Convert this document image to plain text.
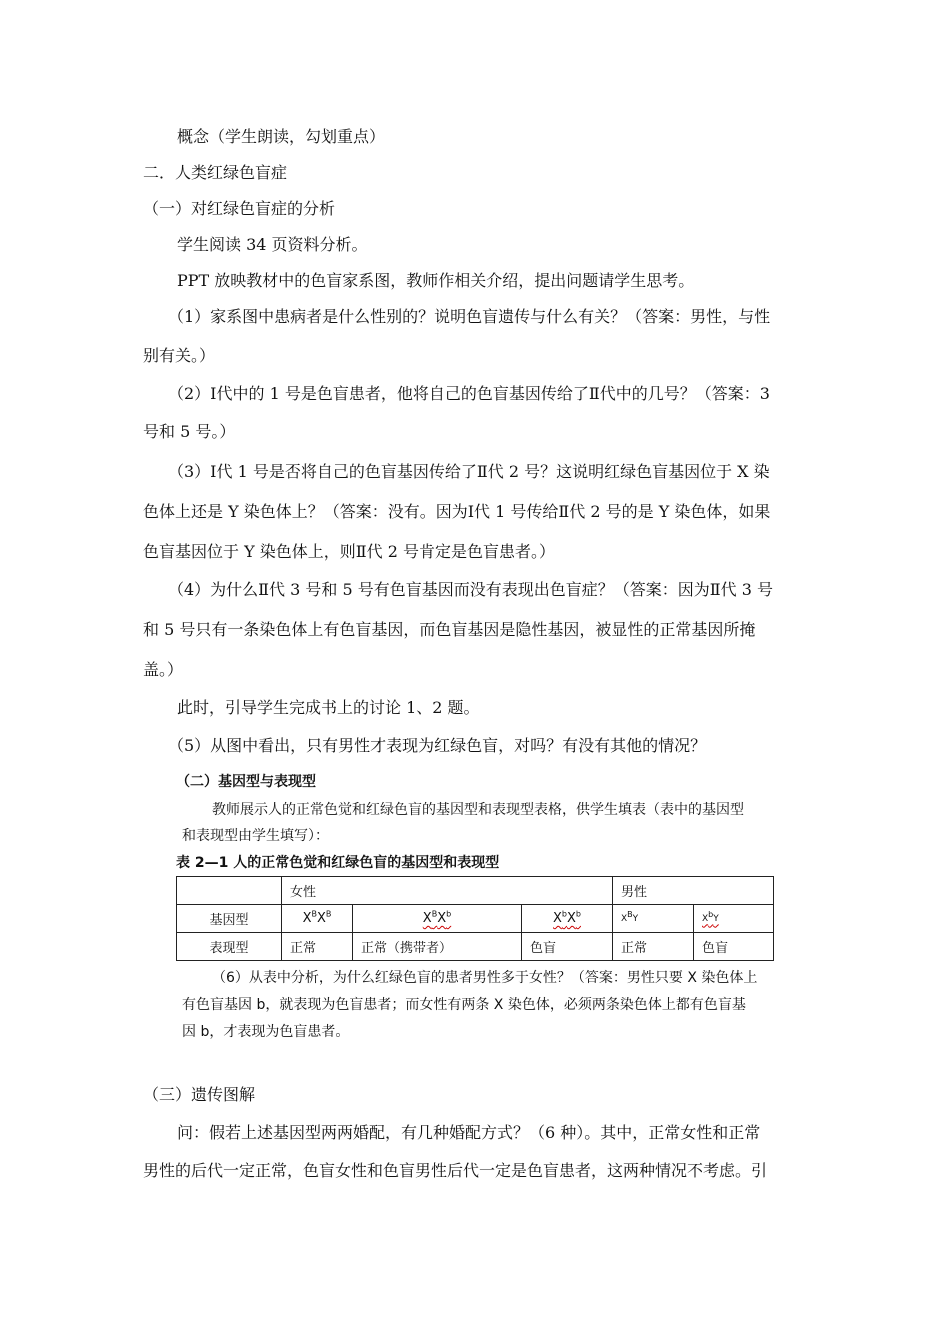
概念（学生朗读，勾划重点）
二．人类红绿色盲症
（一）对红绿色盲症的分析
学生阅读 34 页资料分析。
PPT 放映教材中的色盲家系图，教师作相关介绍，提出问题请学生思考。
（1）家系图中患病者是什么性别的？说明色盲遗传与什么有关？（答案：男性，与性
别有关。）
（2）Ⅰ代中的 1 号是色盲患者，他将自己的色盲基因传给了Ⅱ代中的几号？（答案：3
号和 5 号。）
（3）Ⅰ代 1 号是否将自己的色盲基因传给了Ⅱ代 2 号？这说明红绿色盲基因位于 X 染
色体上还是 Y 染色体上？（答案：没有。因为Ⅰ代 1 号传给Ⅱ代 2 号的是 Y 染色体，如果
色盲基因位于 Y 染色体上，则Ⅱ代 2 号肯定是色盲患者。）
（4）为什么Ⅱ代 3 号和 5 号有色盲基因而没有表现出色盲症？（答案：因为Ⅱ代 3 号
和 5 号只有一条染色体上有色盲基因，而色盲基因是隐性基因，被显性的正常基因所掩
盖。）
此时，引导学生完成书上的讨论 1、2 题。
（5）从图中看出，只有男性才表现为红绿色盲，对吗？有没有其他的情况？
（二）基因型与表现型
教师展示人的正常色觉和红绿色盲的基因型和表现型表格，供学生填表（表中的基因型
和表现型由学生填写）：
表 2—1 人的正常色觉和红绿色盲的基因型和表现型
	女性			男性	
基因型	$X^BX^B$	$X^BX^b$	$X^bX^b$	$X^BY$	$X^bY$
表现型	正常	正常（携带者）	色盲	正常	色盲
（6）从表中分析，为什么红绿色盲的患者男性多于女性？（答案：男性只要 X 染色体上
有色盲基因 b，就表现为色盲患者；而女性有两条 X 染色体，必须两条染色体上都有色盲基
因 b，才表现为色盲患者。
（三）遗传图解
问：假若上述基因型两两婚配，有几种婚配方式？（6 种）。其中，正常女性和正常
男性的后代一定正常，色盲女性和色盲男性后代一定是色盲患者，这两种情况不考虑。引
